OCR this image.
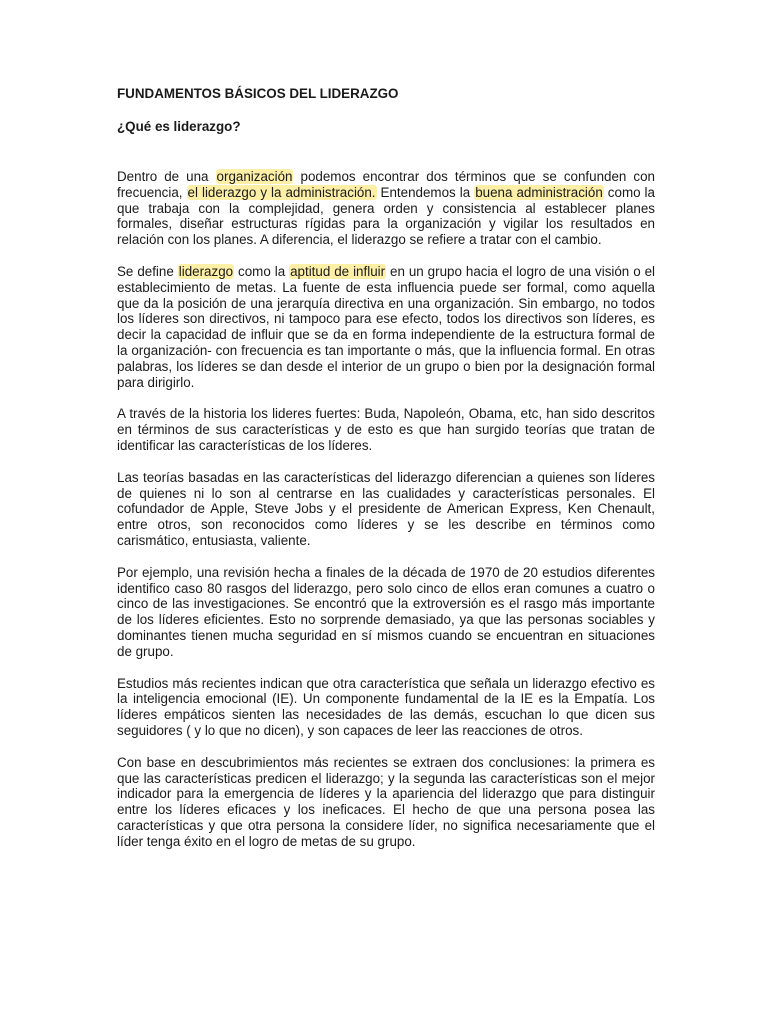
FUNDAMENTOS BÁSICOS DEL LIDERAZGO
¿Qué es liderazgo?

Dentro de una organización podemos encontrar dos términos que se confunden con frecuencia, el liderazgo y la administración. Entendemos la buena administración como la que trabaja con la complejidad, genera orden y consistencia al establecer planes formales, diseñar estructuras rígidas para la organización y vigilar los resultados en relación con los planes. A diferencia, el liderazgo se refiere a tratar con el cambio.

Se define liderazgo como la aptitud de influir en un grupo hacia el logro de una visión o el establecimiento de metas. La fuente de esta influencia puede ser formal, como aquella que da la posición de una jerarquía directiva en una organización. Sin embargo, no todos los líderes son directivos, ni tampoco para ese efecto, todos los directivos son líderes, es decir la capacidad de influir que se da en forma independiente de la estructura formal de la organización- con frecuencia es tan importante o más, que la influencia formal. En otras palabras, los líderes se dan desde el interior de un grupo o bien por la designación formal para dirigirlo.

A través de la historia los lideres fuertes: Buda, Napoleón, Obama, etc, han sido descritos en términos de sus características y de esto es que han surgido teorías que tratan de identificar las características de los líderes.

Las teorías basadas en las características del liderazgo diferencian a quienes son líderes de quienes ni lo son al centrarse en las cualidades y características personales. El cofundador de Apple, Steve Jobs y el presidente de American Express, Ken Chenault, entre otros, son reconocidos como líderes y se les describe en términos como carismático, entusiasta, valiente.

Por ejemplo, una revisión hecha a finales de la década de 1970 de 20 estudios diferentes identifico caso 80 rasgos del liderazgo, pero solo cinco de ellos eran comunes a cuatro o cinco de las investigaciones. Se encontró que la extroversión es el rasgo más importante de los líderes eficientes. Esto no sorprende demasiado, ya que las personas sociables y dominantes tienen mucha seguridad en sí mismos cuando se encuentran en situaciones de grupo.

Estudios más recientes indican que otra característica que señala un liderazgo efectivo es la inteligencia emocional (IE). Un componente fundamental de la IE es la Empatía. Los líderes empáticos sienten las necesidades de las demás, escuchan lo que dicen sus seguidores ( y lo que no dicen), y son capaces de leer las reacciones de otros.

Con base en descubrimientos más recientes se extraen dos conclusiones: la primera es que las características predicen el liderazgo; y la segunda las características son el mejor indicador para la emergencia de líderes y la apariencia del liderazgo que para distinguir entre los líderes eficaces y los ineficaces. El hecho de que una persona posea las características y que otra persona la considere líder, no significa necesariamente que el líder tenga éxito en el logro de metas de su grupo.
